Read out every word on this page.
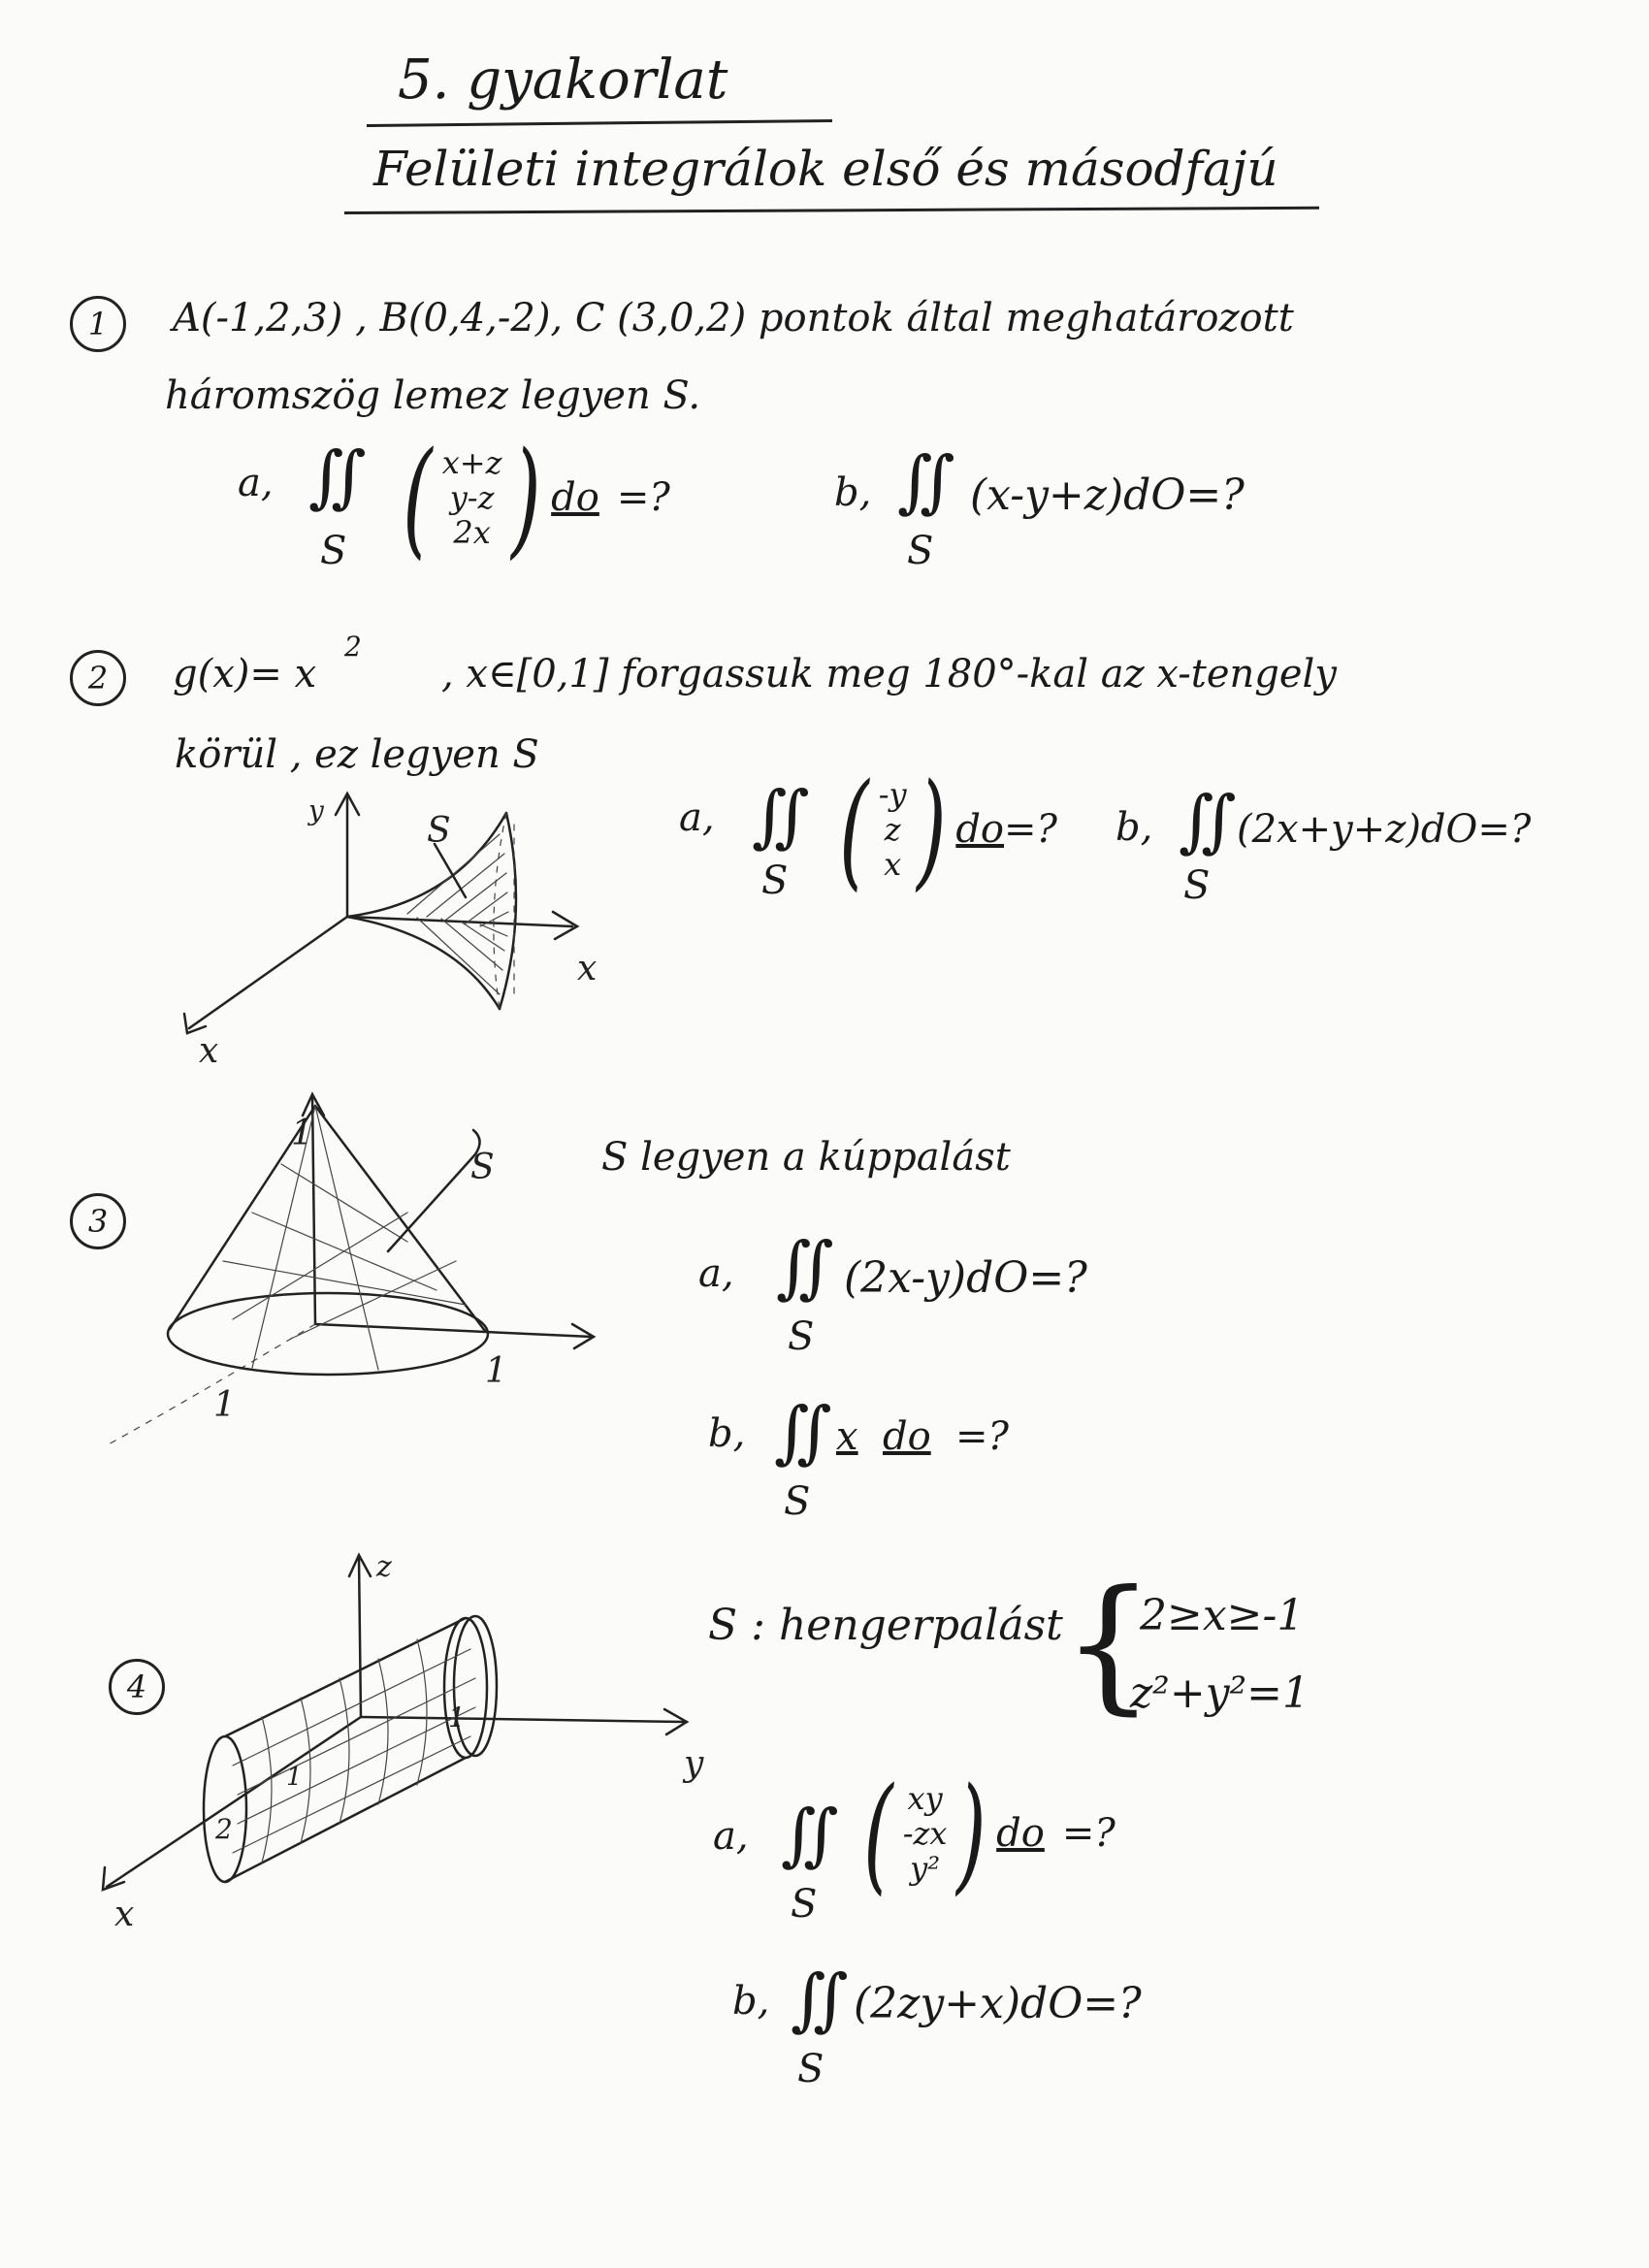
5. gyakorlat
Felületi integrálok első és másodfajú
1	A(-1,2,3) , B(0,4,-2), C (3,0,2) pontok által meghatározott
háromszög lemez legyen S.
a, ∬
S ( x+z
y-z
2x ) do =?	b, ∬
S
(x-y+z)dO=?
2	g(x)= x
2
, x∈[0,1] forgassuk meg 180°-kal az x-tengely
körül , ez legyen S
a, ∬
S ( -y
z
x ) do =? b, ∬
S
(2x+y+z)dO=?
S
y
x
x
3
S legyen a kúppalást
a, ∬
S
(2x-y)dO=?
b, ∬
S
x do =?
S
1
1
1
4
S : hengerpalást {
2≥x≥-1
z²+y²=1
a, ∬
S ( xy
-zx
y² ) do =?
b, ∬
S
(2zy+x)dO=?
z
y
x
1
2
1
